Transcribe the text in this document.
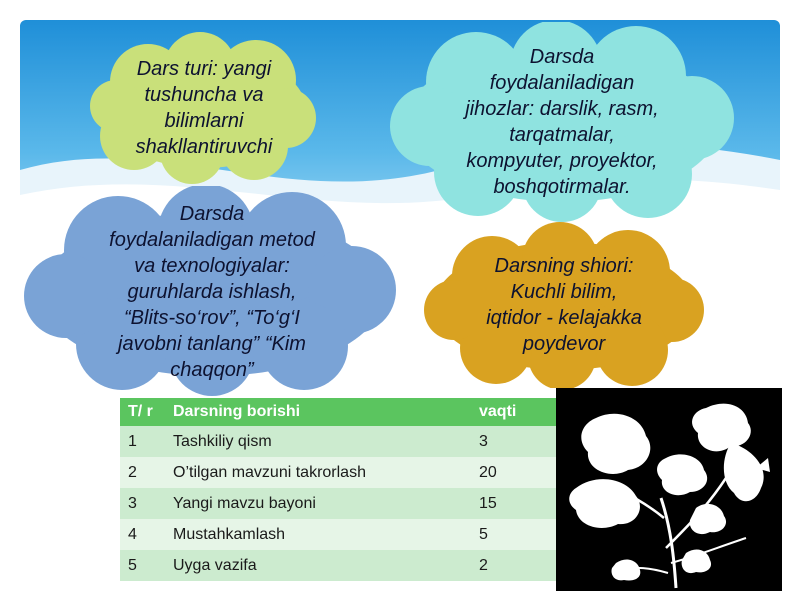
Dars turi: yangi
tushuncha va
bilimlarni
shakllantiruvchi
Darsda
foydalaniladigan
jihozlar: darslik, rasm,
tarqatmalar,
kompyuter, proyektor,
boshqotirmalar.
Darsda
foydalaniladigan metod
va texnologiyalar:
guruhlarda ishlash,
“Blits-so‘rov”, “To‘g‘I
javobni tanlang” “Kim
chaqqon”
Darsning shiori:
Kuchli bilim,
iqtidor - kelajakka
poydevor
T/ r	Darsning borishi	vaqti
1	Tashkiliy qism	3
2	O’tilgan mavzuni takrorlash	20
3	Yangi mavzu bayoni	15
4	Mustahkamlash	5
5	Uyga vazifa	2
